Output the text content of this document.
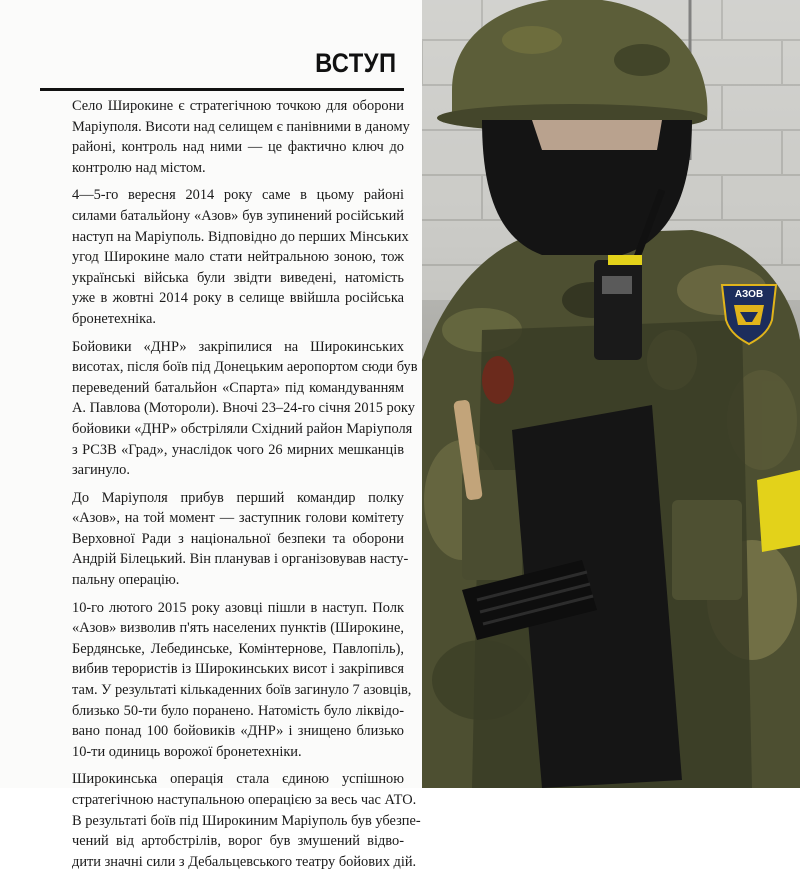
ВСТУП
Село Широкине є стратегічною точкою для оборони
Маріуполя. Висоти над селищем є панівними в даному
районі, контроль над ними — це фактично ключ до
контролю над містом.
4—5-го вересня 2014 року саме в цьому районі
силами батальйону «Азов» був зупинений російський
наступ на Маріуполь. Відповідно до перших Мінських
угод Широкине мало стати нейтральною зоною, тож
українські війська були звідти виведені, натомість
уже в жовтні 2014 року в селище ввійшла російська
бронетехніка.
Бойовики «ДНР» закріпилися на Широкинських
висотах, після боїв під Донецьким аеропортом сюди був
переведений батальйон «Спарта» під командуванням
А. Павлова (Мотороли). Вночі 23–24-го січня 2015 року
бойовики «ДНР» обстріляли Східний район Маріуполя
з РСЗВ «Град», унаслідок чого 26 мирних мешканців
загинуло.
До Маріуполя прибув перший командир полку
«Азов», на той момент — заступник голови комітету
Верховної Ради з національної безпеки та оборони
Андрій Білецький. Він планував і організовував насту-
пальну операцію.
10-го лютого 2015 року азовці пішли в наступ. Полк
«Азов» визволив п'ять населених пунктів (Широкине,
Бердянське, Лебединське, Комінтернове, Павлопіль),
вибив терористів із Широкинських висот і закріпився
там. У результаті кількаденних боїв загинуло 7 азовців,
близько 50-ти було поранено. Натомість було ліквідо-
вано понад 100 бойовиків «ДНР» і знищено близько
10-ти одиниць ворожої бронетехніки.
Широкинська операція стала єдиною успішною
стратегічною наступальною операцією за весь час АТО.
В результаті боїв під Широкиним Маріуполь був убезпе-
чений від артобстрілів, ворог був змушений відво-
дити значні сили з Дебальцевського театру бойових дій.
АЗОВ
